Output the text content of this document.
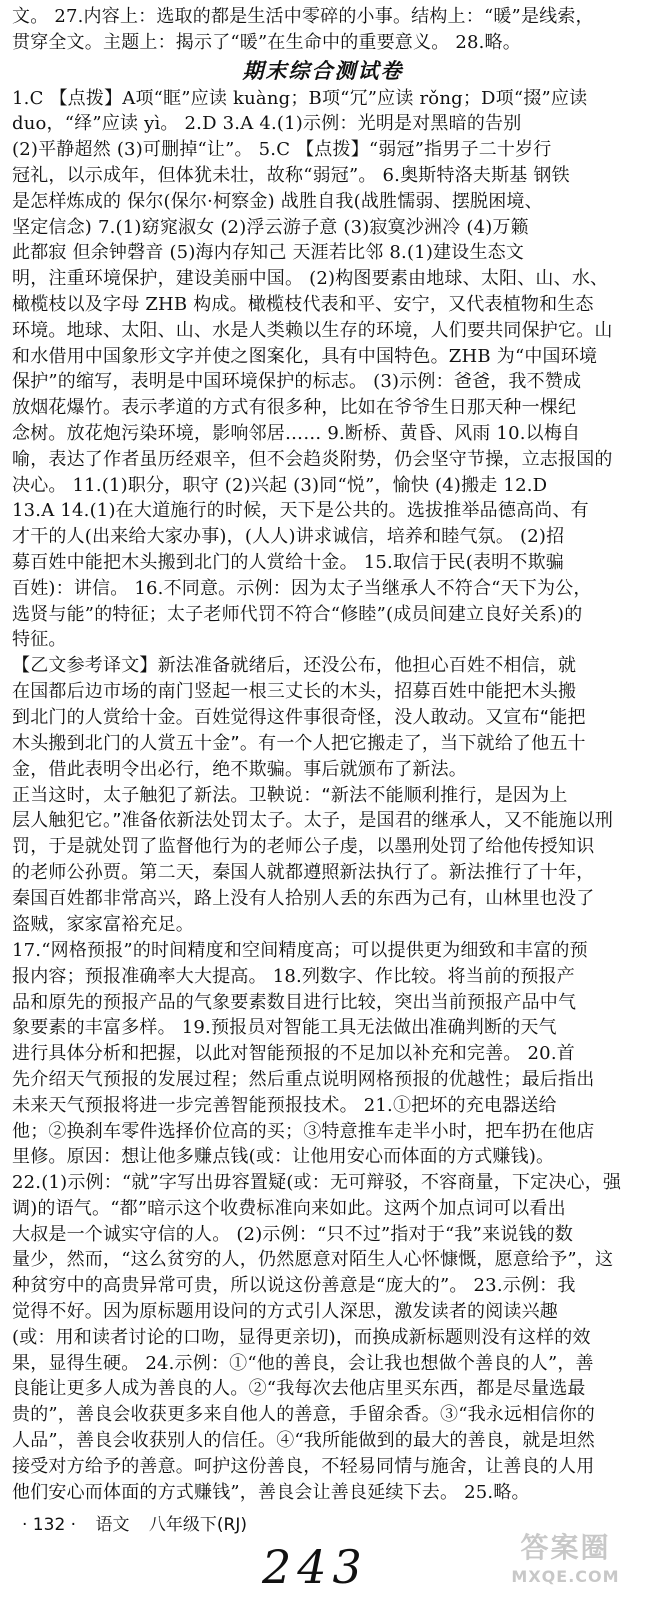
文。 27.内容上：选取的都是生活中零碎的小事。结构上：“暖”是线索，

贯穿全文。主题上：揭示了“暖”在生命中的重要意义。 28.略。

期末综合测试卷

1.C 【点拨】A项“眶”应读 kuàng；B项“冗”应读 rǒng；D项“掇”应读

duo，“绎”应读 yì。 2.D 3.A 4.(1)示例：光明是对黑暗的告别

(2)平静超然 (3)可删掉“让”。 5.C 【点拨】“弱冠”指男子二十岁行

冠礼，以示成年，但体犹未壮，故称“弱冠”。 6.奥斯特洛夫斯基 钢铁

是怎样炼成的 保尔(保尔·柯察金) 战胜自我(战胜懦弱、摆脱困境、

坚定信念) 7.(1)窈窕淑女 (2)浮云游子意 (3)寂寞沙洲冷 (4)万籁

此都寂 但余钟磬音 (5)海内存知己 天涯若比邻 8.(1)建设生态文

明，注重环境保护，建设美丽中国。 (2)构图要素由地球、太阳、山、水、

橄榄枝以及字母 ZHB 构成。橄榄枝代表和平、安宁，又代表植物和生态

环境。地球、太阳、山、水是人类赖以生存的环境，人们要共同保护它。山

和水借用中国象形文字并使之图案化，具有中国特色。ZHB 为“中国环境

保护”的缩写，表明是中国环境保护的标志。 (3)示例：爸爸，我不赞成

放烟花爆竹。表示孝道的方式有很多种，比如在爷爷生日那天种一棵纪

念树。放花炮污染环境，影响邻居…… 9.断桥、黄昏、风雨 10.以梅自

喻，表达了作者虽历经艰辛，但不会趋炎附势，仍会坚守节操，立志报国的

决心。 11.(1)职分，职守 (2)兴起 (3)同“悦”，愉快 (4)搬走 12.D

13.A 14.(1)在大道施行的时候，天下是公共的。选拔推举品德高尚、有

才干的人(出来给大家办事)，(人人)讲求诚信，培养和睦气氛。 (2)招

募百姓中能把木头搬到北门的人赏给十金。 15.取信于民(表明不欺骗

百姓)：讲信。 16.不同意。示例：因为太子当继承人不符合“天下为公，

选贤与能”的特征；太子老师代罚不符合“修睦”(成员间建立良好关系)的

特征。

【乙文参考译文】新法准备就绪后，还没公布，他担心百姓不相信，就

在国都后边市场的南门竖起一根三丈长的木头，招募百姓中能把木头搬

到北门的人赏给十金。百姓觉得这件事很奇怪，没人敢动。又宣布“能把

木头搬到北门的人赏五十金”。有一个人把它搬走了，当下就给了他五十

金，借此表明令出必行，绝不欺骗。事后就颁布了新法。

正当这时，太子触犯了新法。卫鞅说：“新法不能顺利推行，是因为上

层人触犯它。”准备依新法处罚太子。太子，是国君的继承人，又不能施以刑

罚，于是就处罚了监督他行为的老师公子虔，以墨刑处罚了给他传授知识

的老师公孙贾。第二天，秦国人就都遵照新法执行了。新法推行了十年，

秦国百姓都非常高兴，路上没有人拾别人丢的东西为己有，山林里也没了

盗贼，家家富裕充足。

17.“网格预报”的时间精度和空间精度高；可以提供更为细致和丰富的预

报内容；预报准确率大大提高。 18.列数字、作比较。将当前的预报产

品和原先的预报产品的气象要素数目进行比较，突出当前预报产品中气

象要素的丰富多样。 19.预报员对智能工具无法做出准确判断的天气

进行具体分析和把握，以此对智能预报的不足加以补充和完善。 20.首

先介绍天气预报的发展过程；然后重点说明网格预报的优越性；最后指出

未来天气预报将进一步完善智能预报技术。 21.①把坏的充电器送给

他；②换刹车零件选择价位高的买；③特意推车走半小时，把车扔在他店

里修。原因：想让他多赚点钱(或：让他用安心而体面的方式赚钱)。

22.(1)示例：“就”字写出毋容置疑(或：无可辩驳，不容商量，下定决心，强

调)的语气。“都”暗示这个收费标准向来如此。这两个加点词可以看出

大叔是一个诚实守信的人。 (2)示例：“只不过”指对于“我”来说钱的数

量少，然而，“这么贫穷的人，仍然愿意对陌生人心怀慷慨，愿意给予”，这

种贫穷中的高贵异常可贵，所以说这份善意是“庞大的”。 23.示例：我

觉得不好。因为原标题用设问的方式引人深思，激发读者的阅读兴趣

(或：用和读者讨论的口吻，显得更亲切)，而换成新标题则没有这样的效

果，显得生硬。 24.示例：①“他的善良，会让我也想做个善良的人”，善

良能让更多人成为善良的人。②“我每次去他店里买东西，都是尽量选最

贵的”，善良会收获更多来自他人的善意，手留余香。③“我永远相信你的

人品”，善良会收获别人的信任。④“我所能做到的最大的善良，就是坦然

接受对方给予的善意。呵护这份善良，不轻易同情与施舍，让善良的人用

他们安心而体面的方式赚钱”，善良会让善良延续下去。 25.略。

· 132 · 语文 八年级下(RJ)
243	答案圈
MXQE.COM
